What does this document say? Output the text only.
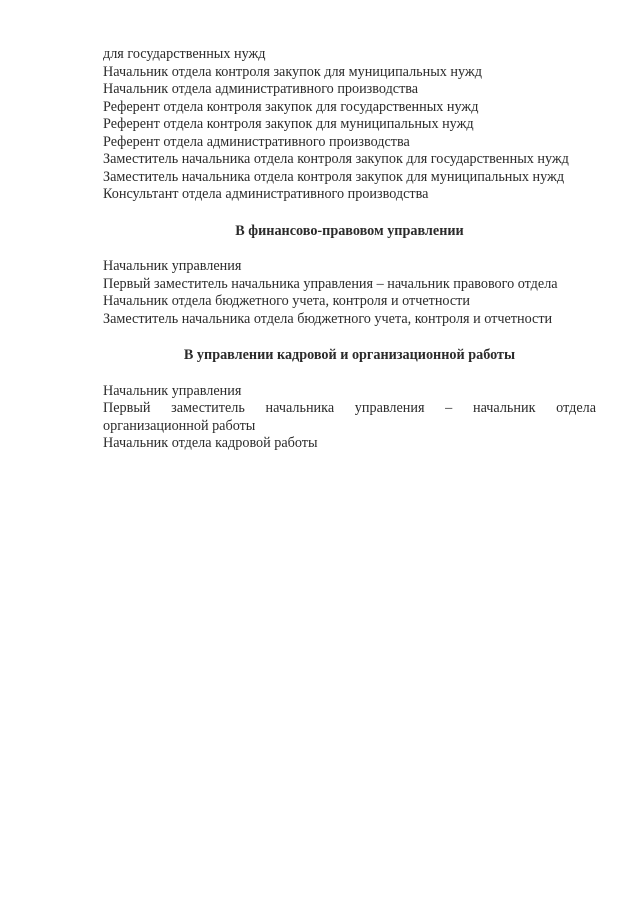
для государственных нужд
Начальник отдела контроля закупок для муниципальных нужд
Начальник отдела административного производства
Референт отдела контроля закупок для государственных нужд
Референт отдела контроля закупок для муниципальных нужд
Референт отдела административного производства
Заместитель начальника отдела контроля закупок для государственных нужд
Заместитель начальника отдела контроля закупок для муниципальных нужд
Консультант отдела административного производства
В финансово-правовом управлении
Начальник управления
Первый заместитель начальника управления – начальник правового отдела
Начальник отдела бюджетного учета, контроля и отчетности
Заместитель начальника отдела бюджетного учета, контроля и отчетности
В управлении кадровой и организационной работы
Начальник управления
Первый заместитель начальника управления – начальник отдела организационной работы
Начальник отдела кадровой работы
